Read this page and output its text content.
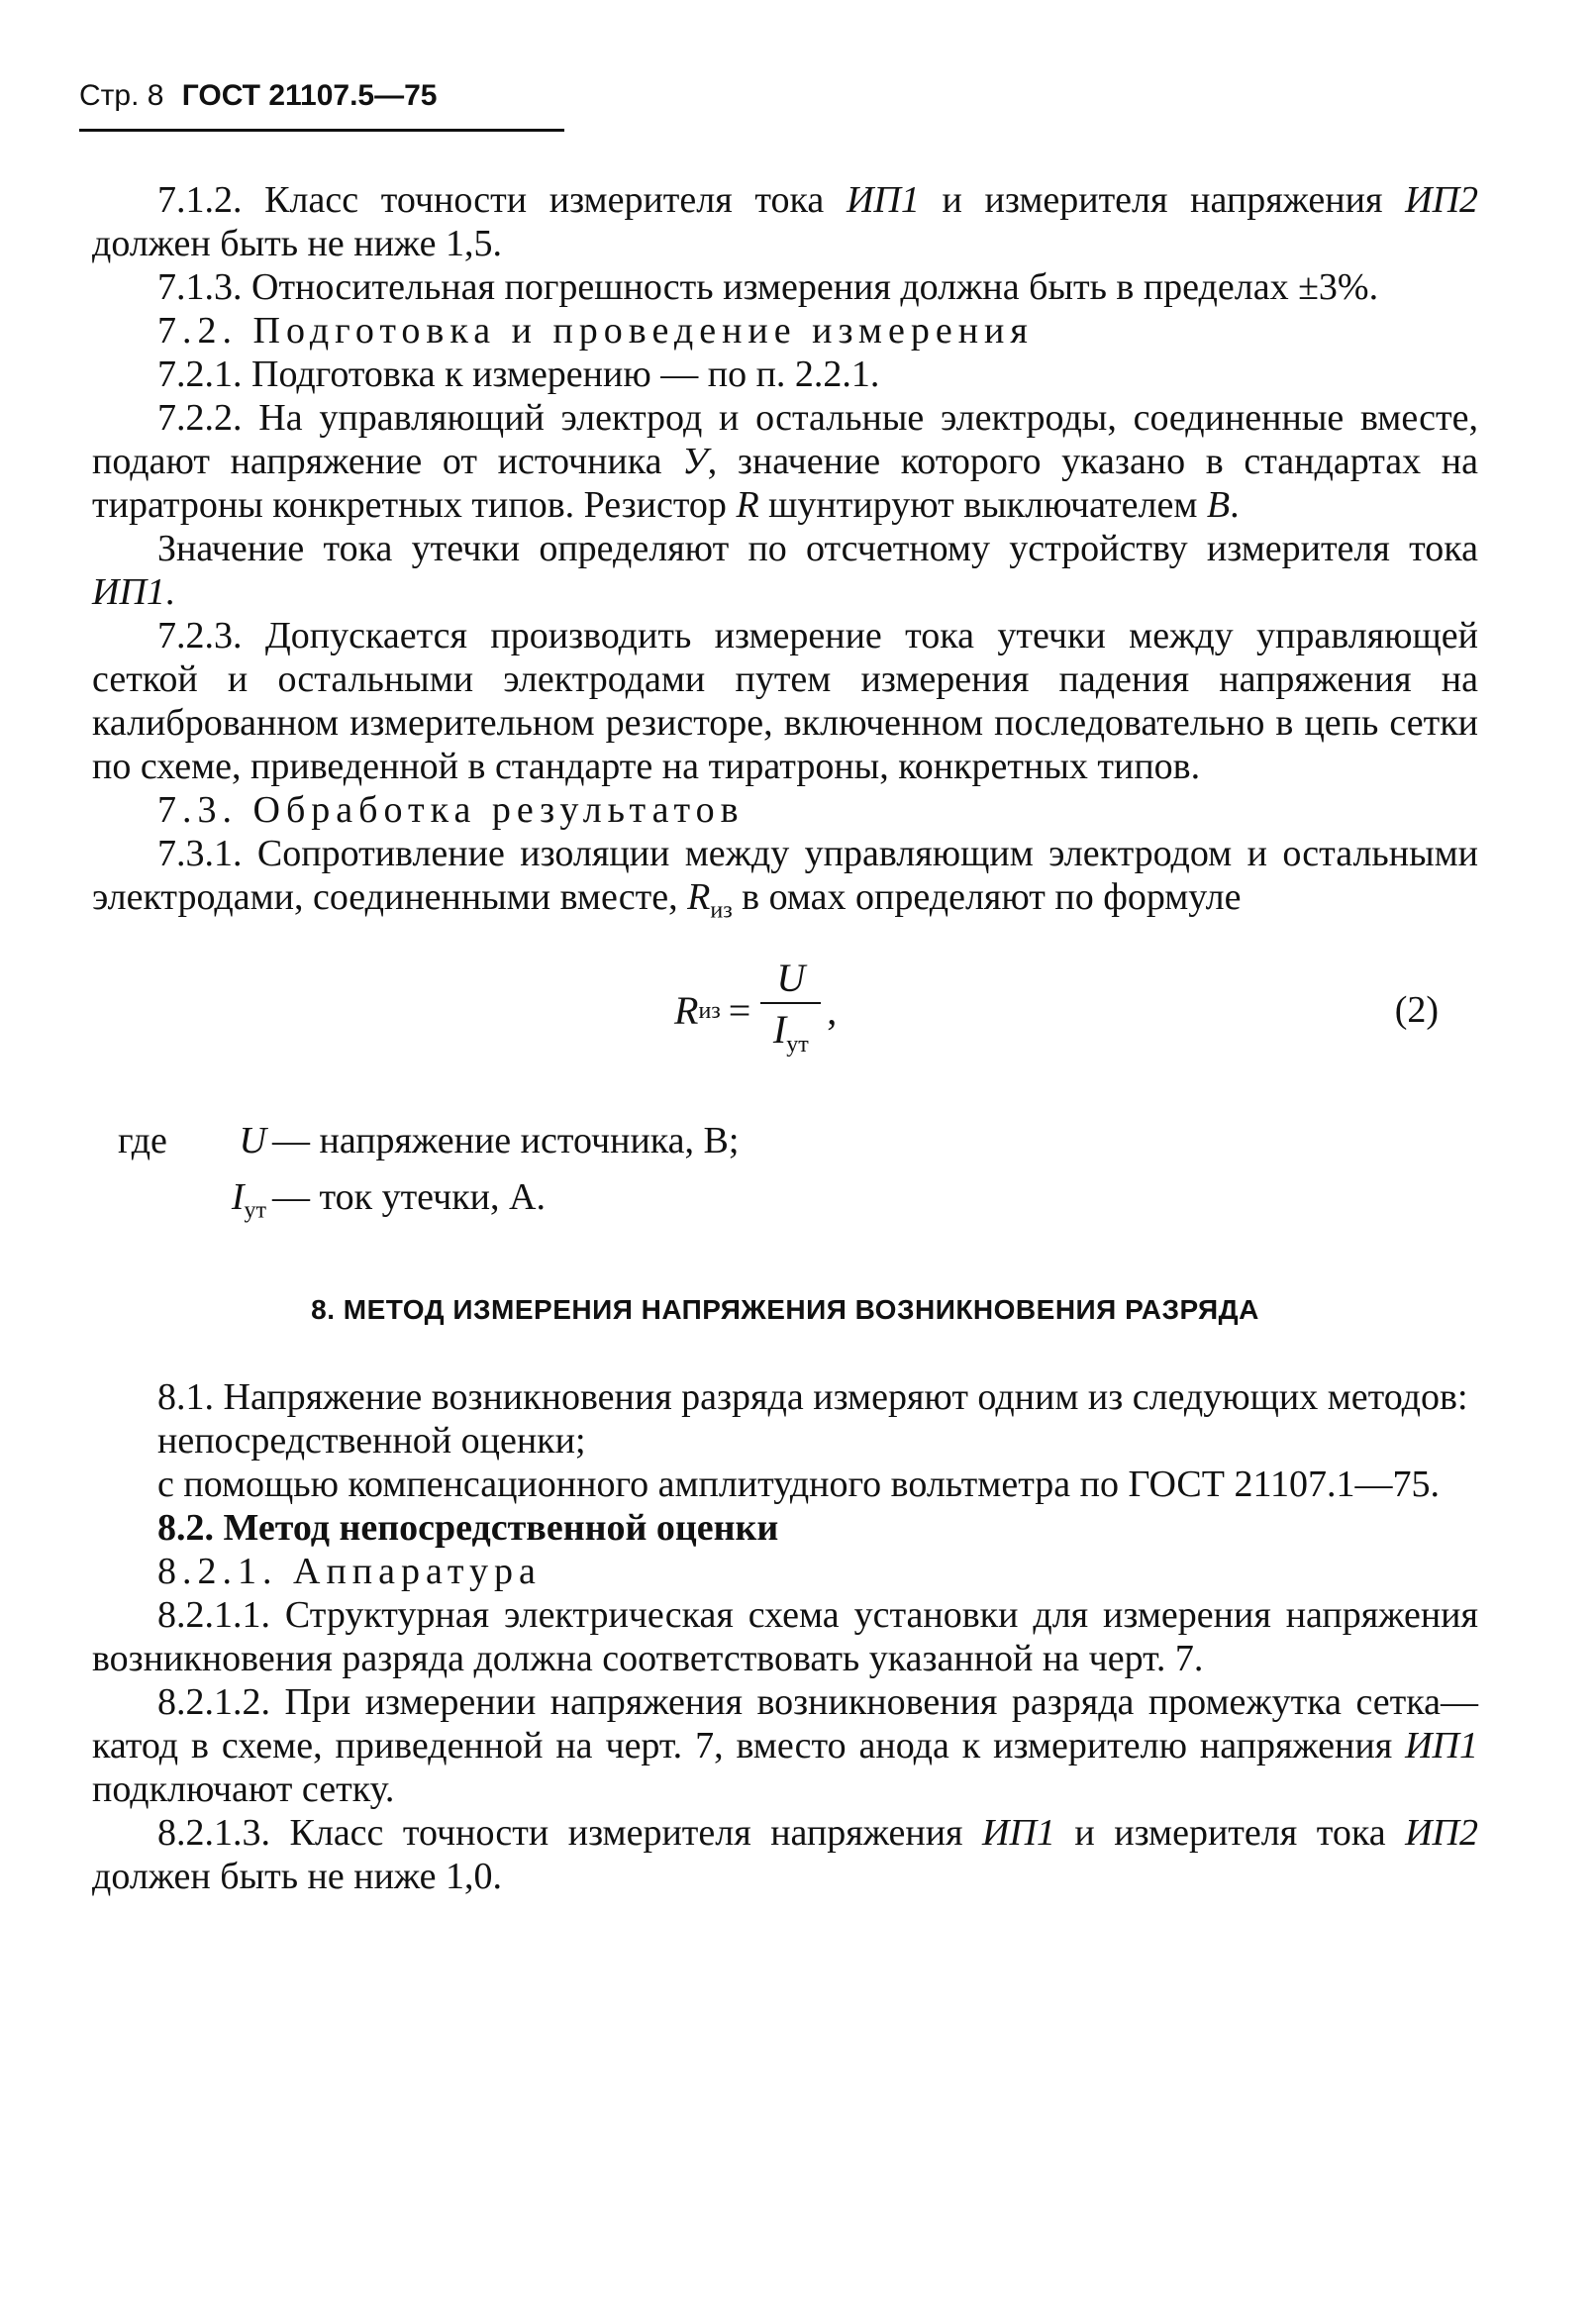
Стр. 8 ГОСТ 21107.5—75

7.1.2. Класс точности измерителя тока ИП1 и измерителя напряжения ИП2 должен быть не ниже 1,5.

7.1.3. Относительная погрешность измерения должна быть в пределах ±3%.

7.2. Подготовка и проведение измерения

7.2.1. Подготовка к измерению — по п. 2.2.1.

7.2.2. На управляющий электрод и остальные электроды, соединенные вместе, подают напряжение от источника У, значение которого указано в стандартах на тиратроны конкретных типов. Резистор R шунтируют выключателем В.

Значение тока утечки определяют по отсчетному устройству измерителя тока ИП1.

7.2.3. Допускается производить измерение тока утечки между управляющей сеткой и остальными электродами путем измерения падения напряжения на калиброванном измерительном резисторе, включенном последовательно в цепь сетки по схеме, приведенной в стандарте на тиратроны, конкретных типов.

7.3. Обработка результатов

7.3.1. Сопротивление изоляции между управляющим электродом и остальными электродами, соединенными вместе, $R_{из}$ в омах определяют по формуле

R из = $\frac{U}{I_{ут}}$ ,	(2)
где	U — напряжение источника, В;
$I_{ут}$ — ток утечки, А.
8. МЕТОД ИЗМЕРЕНИЯ НАПРЯЖЕНИЯ ВОЗНИКНОВЕНИЯ РАЗРЯДА

8.1. Напряжение возникновения разряда измеряют одним из следующих методов:

непосредственной оценки;

с помощью компенсационного амплитудного вольтметра по ГОСТ 21107.1—75.

8.2. Метод непосредственной оценки

8.2.1. Аппаратура

8.2.1.1. Структурная электрическая схема установки для измерения напряжения возникновения разряда должна соответствовать указанной на черт. 7.

8.2.1.2. При измерении напряжения возникновения разряда промежутка сетка—катод в схеме, приведенной на черт. 7, вместо анода к измерителю напряжения ИП1 подключают сетку.

8.2.1.3. Класс точности измерителя напряжения ИП1 и измерителя тока ИП2 должен быть не ниже 1,0.
